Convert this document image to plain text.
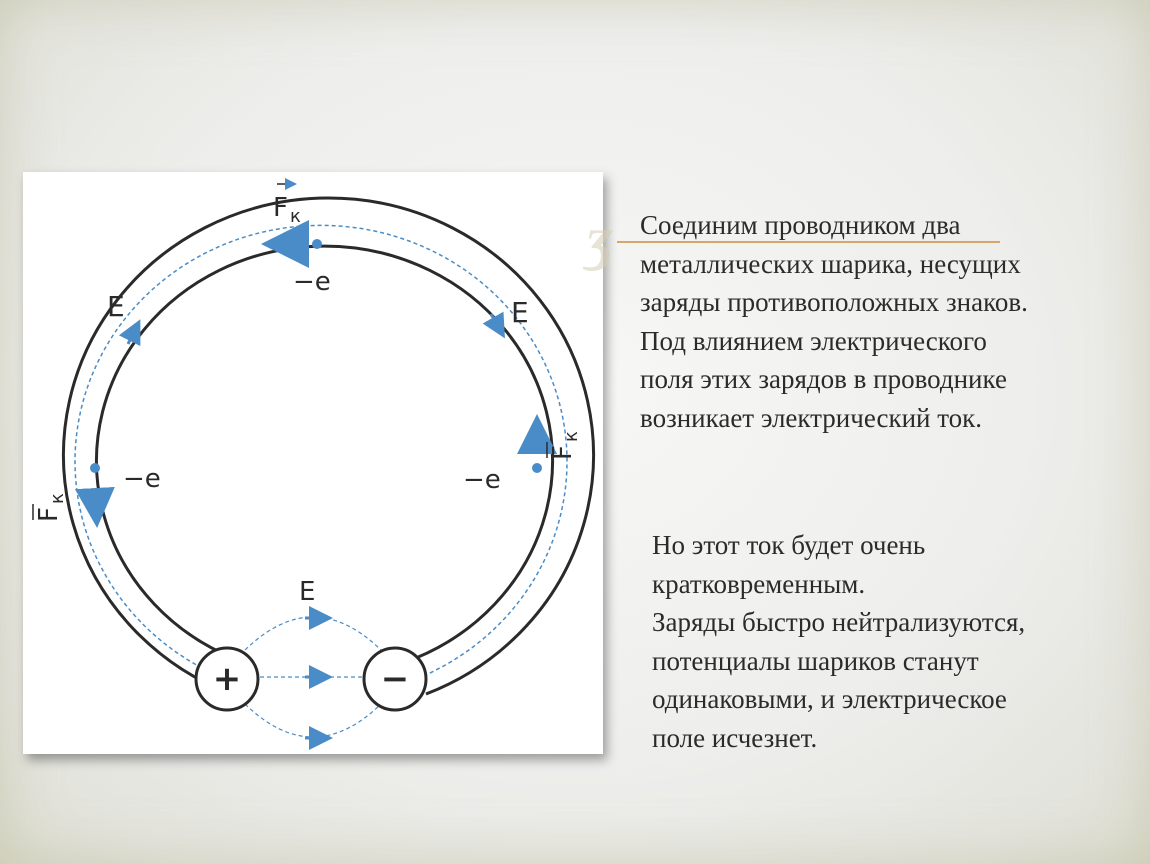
+	−
F к
F
к
F
к
E	E
E
−e
−e	−e
ʒ Соединим проводником два
металлических шарика, несущих
заряды противоположных знаков.
Под влиянием электрического
поля этих зарядов в проводнике
возникает электрический ток.

Но этот ток будет очень
кратковременным.
Заряды быстро нейтрализуются,
потенциалы шариков станут
одинаковыми, и электрическое
поле исчезнет.
